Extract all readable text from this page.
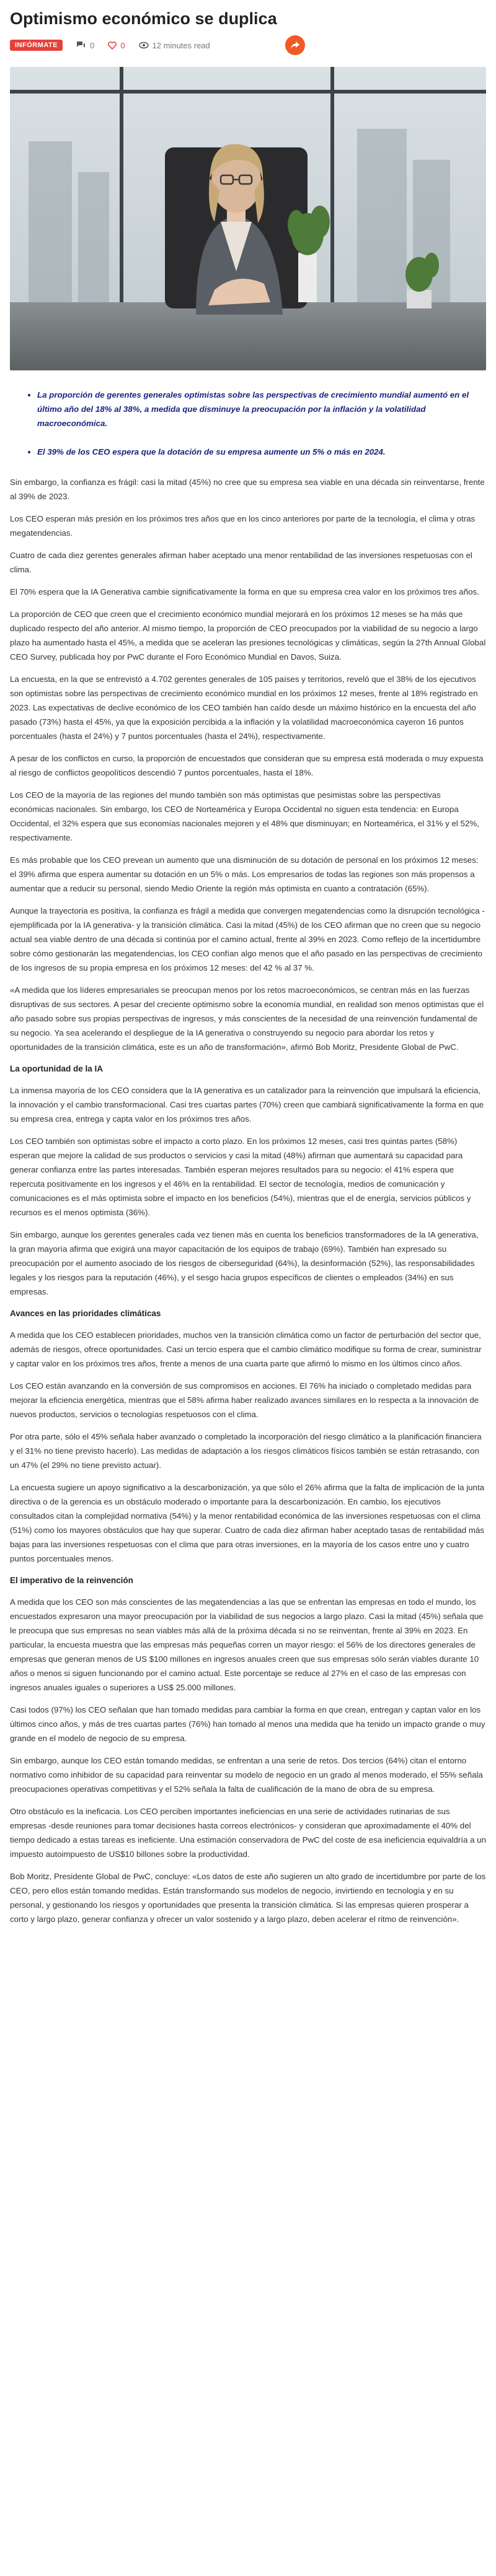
Optimismo económico se duplica
INFÓRMATE	0	0	12 minutes read
• La proporción de gerentes generales optimistas sobre las perspectivas de crecimiento mundial aumentó en el último año del 18% al 38%, a medida que disminuye la preocupación por la inflación y la volatilidad macroeconómica.
• El 39% de los CEO espera que la dotación de su empresa aumente un 5% o más en 2024.

Sin embargo, la confianza es frágil: casi la mitad (45%) no cree que su empresa sea viable en una década sin reinventarse, frente al 39% de 2023.

Los CEO esperan más presión en los próximos tres años que en los cinco anteriores por parte de la tecnología, el clima y otras megatendencias.

Cuatro de cada diez gerentes generales afirman haber aceptado una menor rentabilidad de las inversiones respetuosas con el clima.

El 70% espera que la IA Generativa cambie significativamente la forma en que su empresa crea valor en los próximos tres años.

La proporción de CEO que creen que el crecimiento económico mundial mejorará en los próximos 12 meses se ha más que duplicado respecto del año anterior. Al mismo tiempo, la proporción de CEO preocupados por la viabilidad de su negocio a largo plazo ha aumentado hasta el 45%, a medida que se aceleran las presiones tecnológicas y climáticas, según la 27th Annual Global CEO Survey, publicada hoy por PwC durante el Foro Económico Mundial en Davos, Suiza.

La encuesta, en la que se entrevistó a 4.702 gerentes generales de 105 países y territorios, reveló que el 38% de los ejecutivos son optimistas sobre las perspectivas de crecimiento económico mundial en los próximos 12 meses, frente al 18% registrado en 2023. Las expectativas de declive económico de los CEO también han caído desde un máximo histórico en la encuesta del año pasado (73%) hasta el 45%, ya que la exposición percibida a la inflación y la volatilidad macroeconómica cayeron 16 puntos porcentuales (hasta el 24%) y 7 puntos porcentuales (hasta el 24%), respectivamente.

A pesar de los conflictos en curso, la proporción de encuestados que consideran que su empresa está moderada o muy expuesta al riesgo de conflictos geopolíticos descendió 7 puntos porcentuales, hasta el 18%.

Los CEO de la mayoría de las regiones del mundo también son más optimistas que pesimistas sobre las perspectivas económicas nacionales. Sin embargo, los CEO de Norteamérica y Europa Occidental no siguen esta tendencia: en Europa Occidental, el 32% espera que sus economías nacionales mejoren y el 48% que disminuyan; en Norteamérica, el 31% y el 52%, respectivamente.

Es más probable que los CEO prevean un aumento que una disminución de su dotación de personal en los próximos 12 meses: el 39% afirma que espera aumentar su dotación en un 5% o más. Los empresarios de todas las regiones son más propensos a aumentar que a reducir su personal, siendo Medio Oriente la región más optimista en cuanto a contratación (65%).

Aunque la trayectoria es positiva, la confianza es frágil a medida que convergen megatendencias como la disrupción tecnológica -ejemplificada por la IA generativa- y la transición climática. Casi la mitad (45%) de los CEO afirman que no creen que su negocio actual sea viable dentro de una década si continúa por el camino actual, frente al 39% en 2023. Como reflejo de la incertidumbre sobre cómo gestionarán las megatendencias, los CEO confían algo menos que el año pasado en las perspectivas de crecimiento de los ingresos de su propia empresa en los próximos 12 meses: del 42 % al 37 %.

«A medida que los líderes empresariales se preocupan menos por los retos macroeconómicos, se centran más en las fuerzas disruptivas de sus sectores. A pesar del creciente optimismo sobre la economía mundial, en realidad son menos optimistas que el año pasado sobre sus propias perspectivas de ingresos, y más conscientes de la necesidad de una reinvención fundamental de su negocio. Ya sea acelerando el despliegue de la IA generativa o construyendo su negocio para abordar los retos y oportunidades de la transición climática, este es un año de transformación», afirmó Bob Moritz, Presidente Global de PwC.

La oportunidad de la IA

La inmensa mayoría de los CEO considera que la IA generativa es un catalizador para la reinvención que impulsará la eficiencia, la innovación y el cambio transformacional. Casi tres cuartas partes (70%) creen que cambiará significativamente la forma en que su empresa crea, entrega y capta valor en los próximos tres años.

Los CEO también son optimistas sobre el impacto a corto plazo. En los próximos 12 meses, casi tres quintas partes (58%) esperan que mejore la calidad de sus productos o servicios y casi la mitad (48%) afirman que aumentará su capacidad para generar confianza entre las partes interesadas. También esperan mejores resultados para su negocio: el 41% espera que repercuta positivamente en los ingresos y el 46% en la rentabilidad. El sector de tecnología, medios de comunicación y comunicaciones es el más optimista sobre el impacto en los beneficios (54%), mientras que el de energía, servicios públicos y recursos es el menos optimista (36%).

Sin embargo, aunque los gerentes generales cada vez tienen más en cuenta los beneficios transformadores de la IA generativa, la gran mayoría afirma que exigirá una mayor capacitación de los equipos de trabajo (69%). También han expresado su preocupación por el aumento asociado de los riesgos de ciberseguridad (64%), la desinformación (52%), las responsabilidades legales y los riesgos para la reputación (46%), y el sesgo hacia grupos específicos de clientes o empleados (34%) en sus empresas.

Avances en las prioridades climáticas

A medida que los CEO establecen prioridades, muchos ven la transición climática como un factor de perturbación del sector que, además de riesgos, ofrece oportunidades. Casi un tercio espera que el cambio climático modifique su forma de crear, suministrar y captar valor en los próximos tres años, frente a menos de una cuarta parte que afirmó lo mismo en los últimos cinco años.

Los CEO están avanzando en la conversión de sus compromisos en acciones. El 76% ha iniciado o completado medidas para mejorar la eficiencia energética, mientras que el 58% afirma haber realizado avances similares en lo respecta a la innovación de nuevos productos, servicios o tecnologías respetuosos con el clima.

Por otra parte, sólo el 45% señala haber avanzado o completado la incorporación del riesgo climático a la planificación financiera y el 31% no tiene previsto hacerlo). Las medidas de adaptación a los riesgos climáticos físicos también se están retrasando, con un 47% (el 29% no tiene previsto actuar).

La encuesta sugiere un apoyo significativo a la descarbonización, ya que sólo el 26% afirma que la falta de implicación de la junta directiva o de la gerencia es un obstáculo moderado o importante para la descarbonización. En cambio, los ejecutivos consultados citan la complejidad normativa (54%) y la menor rentabilidad económica de las inversiones respetuosas con el clima (51%) como los mayores obstáculos que hay que superar. Cuatro de cada diez afirman haber aceptado tasas de rentabilidad más bajas para las inversiones respetuosas con el clima que para otras inversiones, en la mayoría de los casos entre uno y cuatro puntos porcentuales menos.

El imperativo de la reinvención

A medida que los CEO son más conscientes de las megatendencias a las que se enfrentan las empresas en todo el mundo, los encuestados expresaron una mayor preocupación por la viabilidad de sus negocios a largo plazo. Casi la mitad (45%) señala que le preocupa que sus empresas no sean viables más allá de la próxima década si no se reinventan, frente al 39% en 2023. En particular, la encuesta muestra que las empresas más pequeñas corren un mayor riesgo: el 56% de los directores generales de empresas que generan menos de US $100 millones en ingresos anuales creen que sus empresas sólo serán viables durante 10 años o menos si siguen funcionando por el camino actual. Este porcentaje se reduce al 27% en el caso de las empresas con ingresos anuales iguales o superiores a US$ 25.000 millones.

Casi todos (97%) los CEO señalan que han tomado medidas para cambiar la forma en que crean, entregan y captan valor en los últimos cinco años, y más de tres cuartas partes (76%) han tomado al menos una medida que ha tenido un impacto grande o muy grande en el modelo de negocio de su empresa.

Sin embargo, aunque los CEO están tomando medidas, se enfrentan a una serie de retos. Dos tercios (64%) citan el entorno normativo como inhibidor de su capacidad para reinventar su modelo de negocio en un grado al menos moderado, el 55% señala preocupaciones operativas competitivas y el 52% señala la falta de cualificación de la mano de obra de su empresa.

Otro obstáculo es la ineficacia. Los CEO perciben importantes ineficiencias en una serie de actividades rutinarias de sus empresas -desde reuniones para tomar decisiones hasta correos electrónicos- y consideran que aproximadamente el 40% del tiempo dedicado a estas tareas es ineficiente. Una estimación conservadora de PwC del coste de esa ineficiencia equivaldría a un impuesto autoimpuesto de US$10 billones sobre la productividad.

Bob Moritz, Presidente Global de PwC, concluye: «Los datos de este año sugieren un alto grado de incertidumbre por parte de los CEO, pero ellos están tomando medidas. Están transformando sus modelos de negocio, invirtiendo en tecnología y en su personal, y gestionando los riesgos y oportunidades que presenta la transición climática. Si las empresas quieren prosperar a corto y largo plazo, generar confianza y ofrecer un valor sostenido y a largo plazo, deben acelerar el ritmo de reinvención».
